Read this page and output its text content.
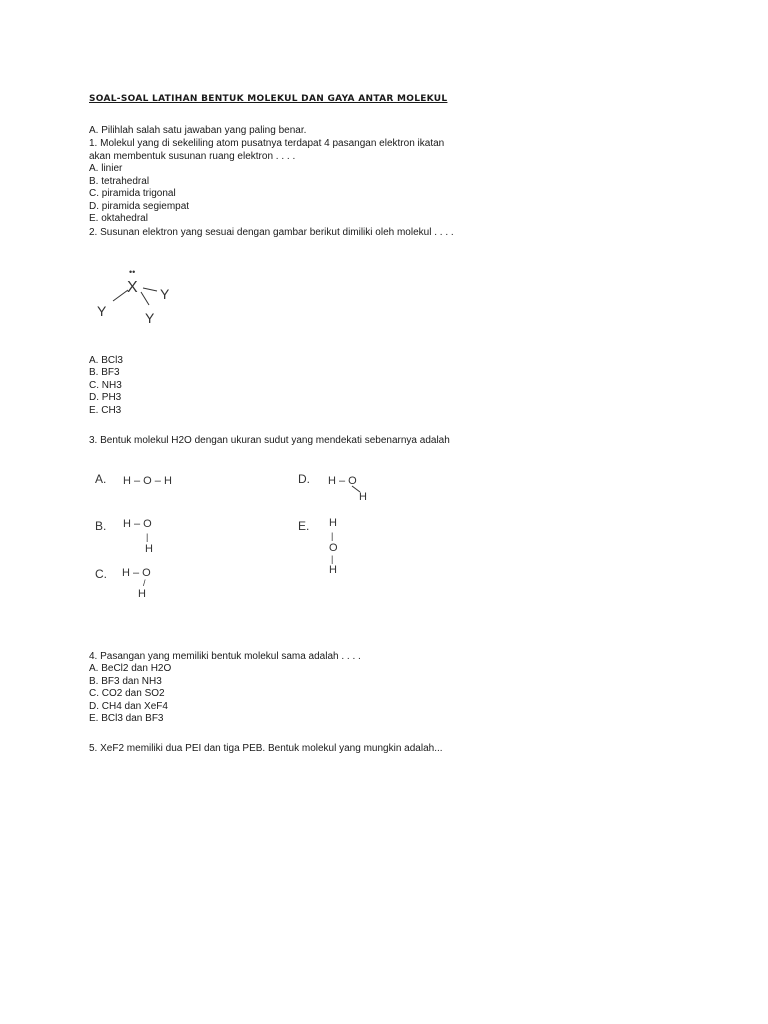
SOAL-SOAL LATIHAN BENTUK MOLEKUL DAN GAYA ANTAR MOLEKUL
A. Pilihlah salah satu jawaban yang paling benar.
1. Molekul yang di sekeliling atom pusatnya terdapat 4 pasangan elektron ikatan
akan membentuk susunan ruang elektron . . . .
A. linier
B. tetrahedral
C. piramida trigonal
D. piramida segiempat
E. oktahedral
2. Susunan elektron yang sesuai dengan gambar berikut dimiliki oleh molekul . . . .
••
X Y
Y	Y
A. BCl3
B. BF3
C. NH3
D. PH3
E. CH3
3. Bentuk molekul H2O dengan ukuran sudut yang mendekati sebenarnya adalah
A. H – O – H
B. H – O
|
H
C. H – O
/
H
D. H – O
H
E. H
|
O
|
H
4. Pasangan yang memiliki bentuk molekul sama adalah . . . .
A. BeCl2 dan H2O
B. BF3 dan NH3
C. CO2 dan SO2
D. CH4 dan XeF4
E. BCl3 dan BF3
5. XeF2 memiliki dua PEI dan tiga PEB. Bentuk molekul yang mungkin adalah...
